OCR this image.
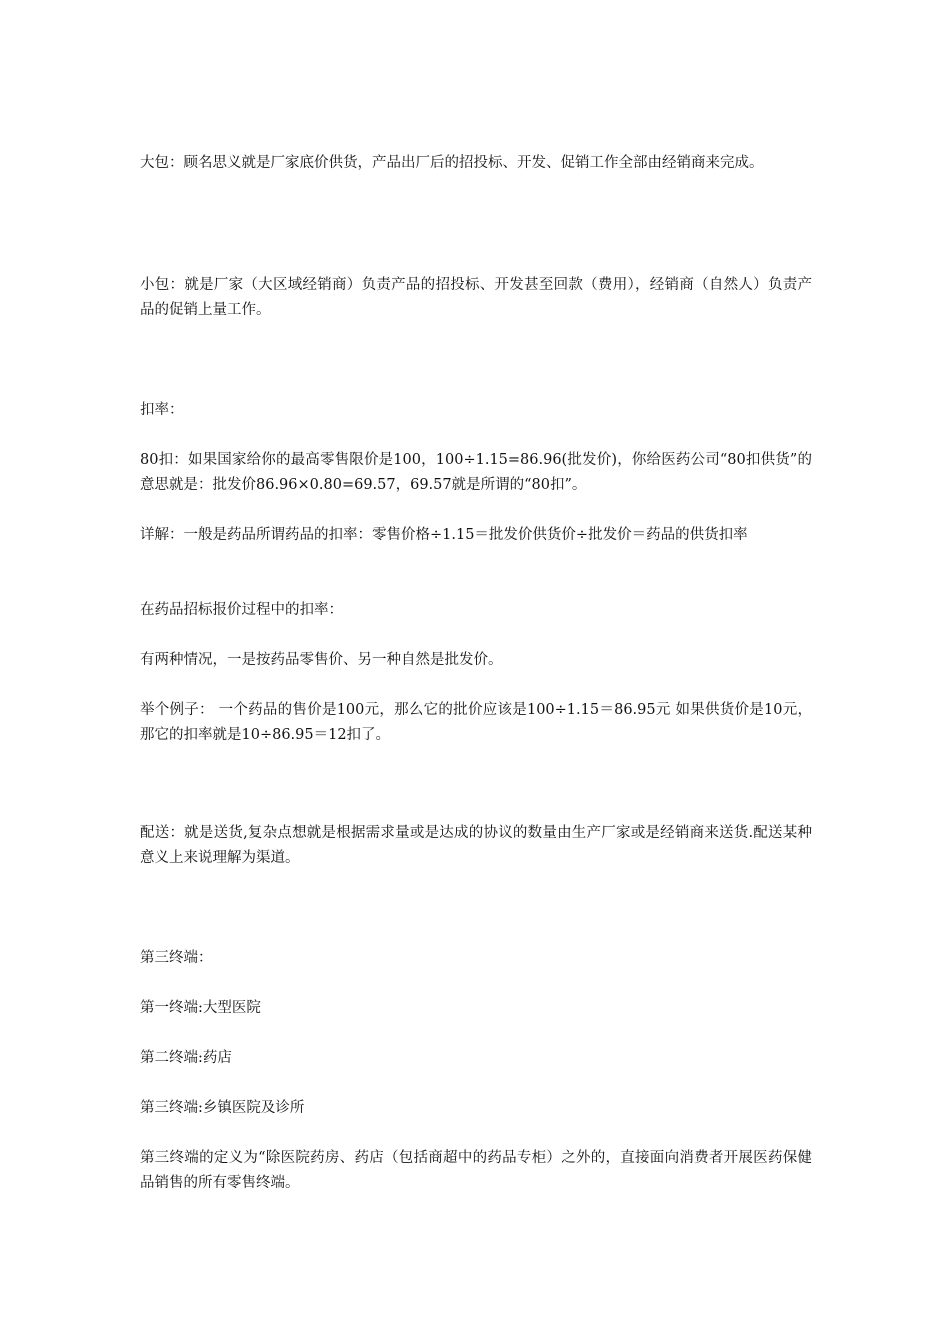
大包：顾名思义就是厂家底价供货，产品出厂后的招投标、开发、促销工作全部由经销商来完成。

小包：就是厂家（大区域经销商）负责产品的招投标、开发甚至回款（费用），经销商（自然人）负责产品的促销上量工作。

扣率：

80扣：如果国家给你的最高零售限价是100，100÷1.15=86.96(批发价)，你给医药公司“80扣供货”的意思就是：批发价86.96×0.80=69.57，69.57就是所谓的“80扣”。

详解：一般是药品所谓药品的扣率：零售价格÷1.15＝批发价供货价÷批发价＝药品的供货扣率

在药品招标报价过程中的扣率：

有两种情况，一是按药品零售价、另一种自然是批发价。

举个例子： 一个药品的售价是100元，那么它的批价应该是100÷1.15＝86.95元 如果供货价是10元，那它的扣率就是10÷86.95＝12扣了。

配送：就是送货,复杂点想就是根据需求量或是达成的协议的数量由生产厂家或是经销商来送货.配送某种意义上来说理解为渠道。

第三终端：

第一终端:大型医院

第二终端:药店

第三终端:乡镇医院及诊所

第三终端的定义为“除医院药房、药店（包括商超中的药品专柜）之外的，直接面向消费者开展医药保健品销售的所有零售终端。
